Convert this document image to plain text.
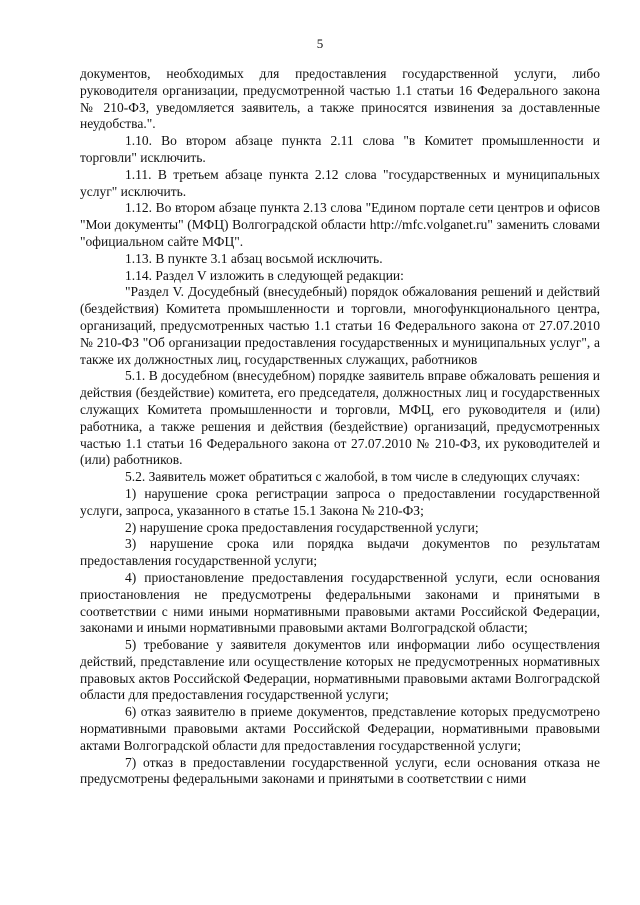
5

документов, необходимых для предоставления государственной услуги, либо руководителя организации, предусмотренной частью 1.1 статьи 16 Федерального закона № 210-ФЗ, уведомляется заявитель, а также приносятся извинения за доставленные неудобства.".

1.10. Во втором абзаце пункта 2.11 слова "в Комитет промышленности и торговли" исключить.

1.11. В третьем абзаце пункта 2.12 слова "государственных и муниципальных услуг" исключить.

1.12. Во втором абзаце пункта 2.13 слова "Едином портале сети центров и офисов "Мои документы" (МФЦ) Волгоградской области http://mfc.volganet.ru" заменить словами "официальном сайте МФЦ".

1.13. В пункте 3.1 абзац восьмой исключить.

1.14. Раздел V изложить в следующей редакции:

"Раздел V. Досудебный (внесудебный) порядок обжалования решений и действий (бездействия) Комитета промышленности и торговли, многофункционального центра, организаций, предусмотренных частью 1.1 статьи 16 Федерального закона от 27.07.2010 № 210-ФЗ "Об организации предоставления государственных и муниципальных услуг", а также их должностных лиц, государственных служащих, работников

5.1. В досудебном (внесудебном) порядке заявитель вправе обжаловать решения и действия (бездействие) комитета, его председателя, должностных лиц и государственных служащих Комитета промышленности и торговли, МФЦ, его руководителя и (или) работника, а также решения и действия (бездействие) организаций, предусмотренных частью 1.1 статьи 16 Федерального закона от 27.07.2010 № 210-ФЗ, их руководителей и (или) работников.

5.2. Заявитель может обратиться с жалобой, в том числе в следующих случаях:

1) нарушение срока регистрации запроса о предоставлении государственной услуги, запроса, указанного в статье 15.1 Закона № 210-ФЗ;

2) нарушение срока предоставления государственной услуги;

3) нарушение срока или порядка выдачи документов по результатам предоставления государственной услуги;

4) приостановление предоставления государственной услуги, если основания приостановления не предусмотрены федеральными законами и принятыми в соответствии с ними иными нормативными правовыми актами Российской Федерации, законами и иными нормативными правовыми актами Волгоградской области;

5) требование у заявителя документов или информации либо осуществления действий, представление или осуществление которых не предусмотренных нормативных правовых актов Российской Федерации, нормативными правовыми актами Волгоградской области для предоставления государственной услуги;

6) отказ заявителю в приеме документов, представление которых предусмотрено нормативными правовыми актами Российской Федерации, нормативными правовыми актами Волгоградской области для предоставления государственной услуги;

7) отказ в предоставлении государственной услуги, если основания отказа не предусмотрены федеральными законами и принятыми в соответствии с ними
